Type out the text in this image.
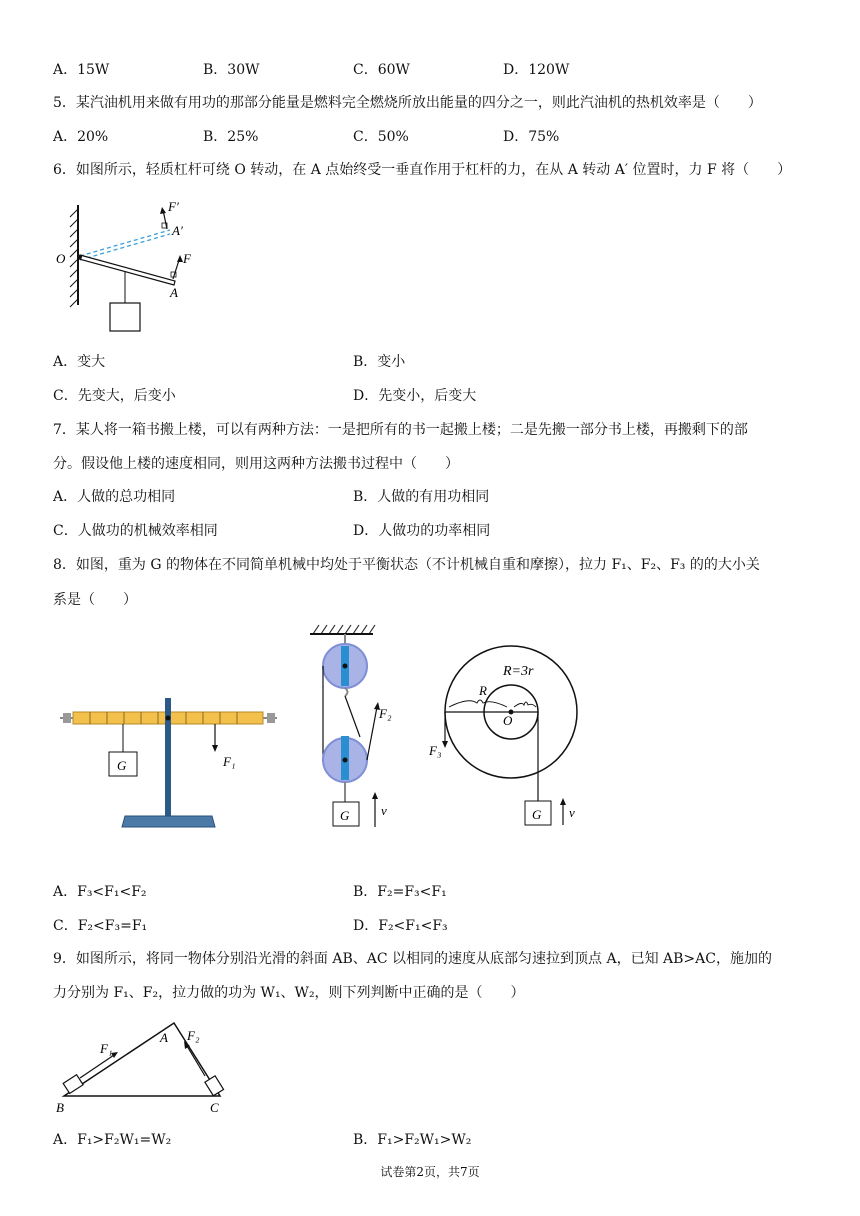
A．15W	B．30W	C．60W	D．120W
5．某汽油机用来做有用功的那部分能量是燃料完全燃烧所放出能量的四分之一，则此汽油机的热机效率是（　　）
A．20%	B．25%	C．50%	D．75%
6．如图所示，轻质杠杆可绕 O 转动，在 A 点始终受一垂直作用于杠杆的力，在从 A 转动 A′ 位置时，力 F 将（　　）
O
A
A′
F
F′
A．变大	B．变小
C．先变大，后变小	D．先变小，后变大
7．某人将一箱书搬上楼，可以有两种方法：一是把所有的书一起搬上楼；二是先搬一部分书上楼，再搬剩下的部
分。假设他上楼的速度相同，则用这两种方法搬书过程中（　　）
A．人做的总功相同	B．人做的有用功相同
C．人做功的机械效率相同	D．人做功的功率相同
8．如图，重为 G 的物体在不同简单机械中均处于平衡状态（不计机械自重和摩擦），拉力 F₁、F₂、F₃ 的的大小关
系是（　　）
G	F₁
F₂
G v
R=3r
R
O
F₃
G v
A．F₃<F₁<F₂	B．F₂=F₃<F₁
C．F₂<F₃=F₁	D．F₂<F₁<F₃
9．如图所示，将同一物体分别沿光滑的斜面 AB、AC 以相同的速度从底部匀速拉到顶点 A，已知 AB>AC，施加的
力分别为 F₁、F₂，拉力做的功为 W₁、W₂，则下列判断中正确的是（　　）
F₁
F₂
A
B	C
A．F₁>F₂W₁=W₂	B．F₁>F₂W₁>W₂
试卷第2页，共7页
